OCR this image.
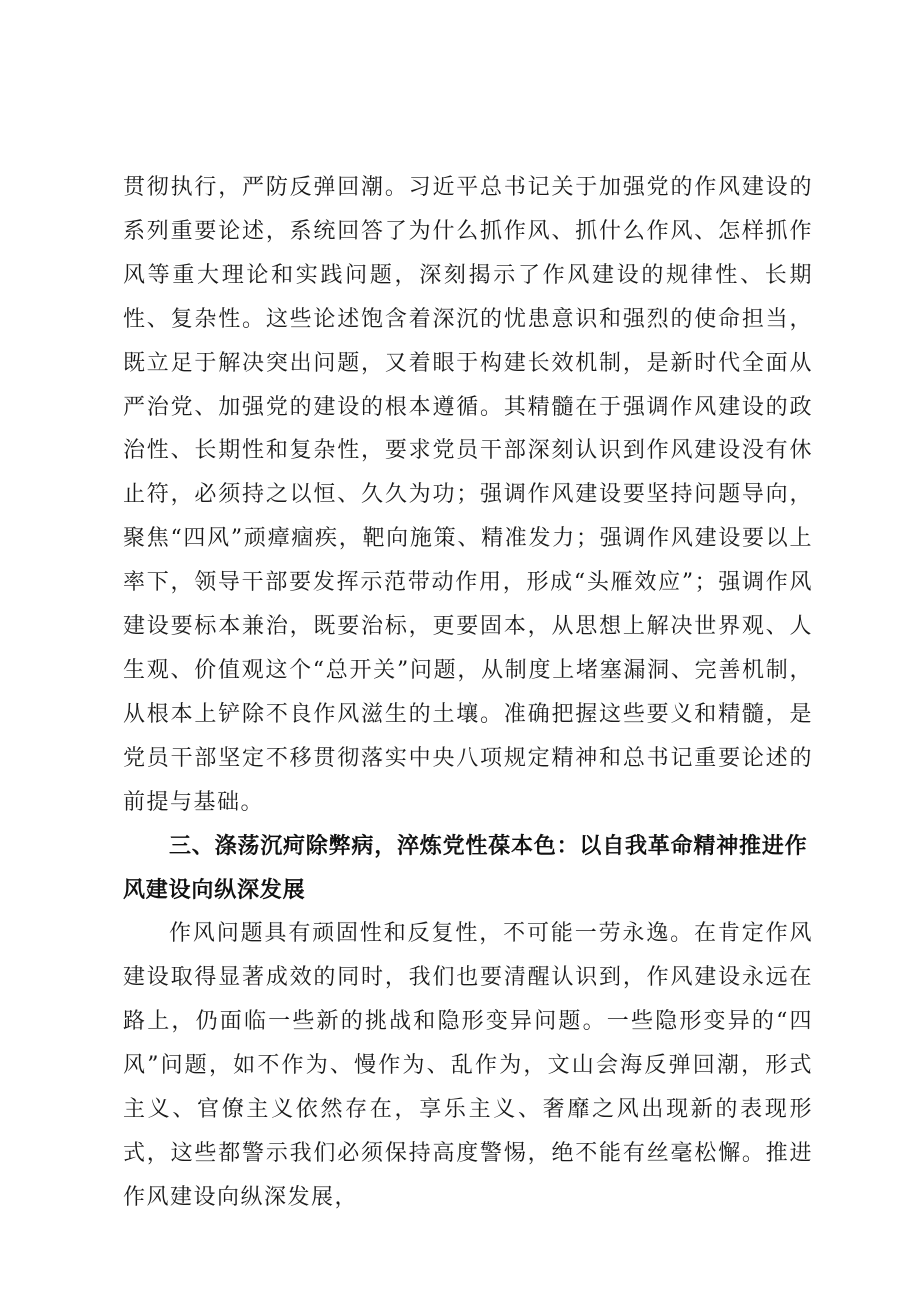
贯彻执行，严防反弹回潮。习近平总书记关于加强党的作风建设的系列重要论述，系统回答了为什么抓作风、抓什么作风、怎样抓作风等重大理论和实践问题，深刻揭示了作风建设的规律性、长期性、复杂性。这些论述饱含着深沉的忧患意识和强烈的使命担当，既立足于解决突出问题，又着眼于构建长效机制，是新时代全面从严治党、加强党的建设的根本遵循。其精髓在于强调作风建设的政治性、长期性和复杂性，要求党员干部深刻认识到作风建设没有休止符，必须持之以恒、久久为功；强调作风建设要坚持问题导向，聚焦“四风”顽瘴痼疾，靶向施策、精准发力；强调作风建设要以上率下，领导干部要发挥示范带动作用，形成“头雁效应”；强调作风建设要标本兼治，既要治标，更要固本，从思想上解决世界观、人生观、价值观这个“总开关”问题，从制度上堵塞漏洞、完善机制，从根本上铲除不良作风滋生的土壤。准确把握这些要义和精髓，是党员干部坚定不移贯彻落实中央八项规定精神和总书记重要论述的前提与基础。

三、涤荡沉疴除弊病，淬炼党性葆本色：以自我革命精神推进作风建设向纵深发展

作风问题具有顽固性和反复性，不可能一劳永逸。在肯定作风建设取得显著成效的同时，我们也要清醒认识到，作风建设永远在路上，仍面临一些新的挑战和隐形变异问题。一些隐形变异的“四风”问题，如不作为、慢作为、乱作为，文山会海反弹回潮，形式主义、官僚主义依然存在，享乐主义、奢靡之风出现新的表现形式，这些都警示我们必须保持高度警惕，绝不能有丝毫松懈。推进作风建设向纵深发展，
